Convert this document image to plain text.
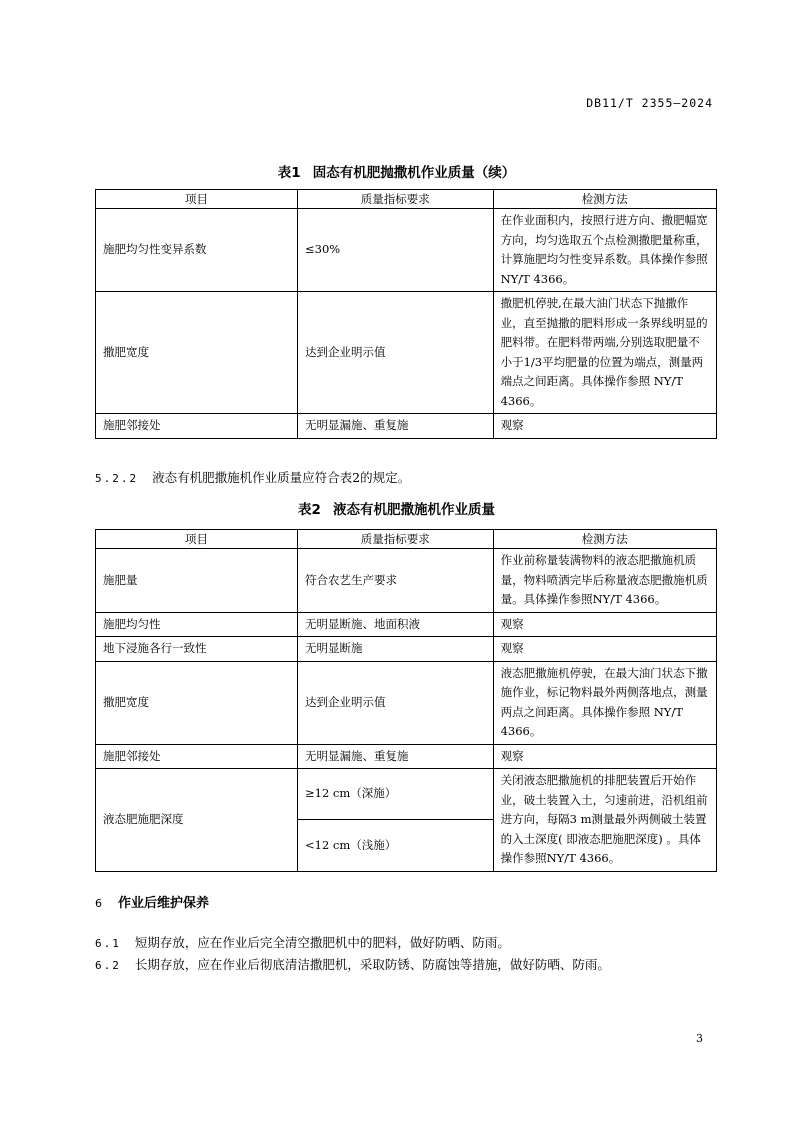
DB11/T 2355—2024
表1 固态有机肥抛撒机作业质量（续）
项目	质量指标要求	检测方法
施肥均匀性变异系数	≤30%	在作业面积内，按照行进方向、撒肥幅宽方向，均匀选取五个点检测撒肥量称重，计算施肥均匀性变异系数。具体操作参照 NY/T 4366。
撒肥宽度	达到企业明示值	撒肥机停驶,在最大油门状态下抛撒作业，直至抛撒的肥料形成一条界线明显的肥料带。在肥料带两端,分别选取肥量不小于1/3平均肥量的位置为端点，测量两端点之间距离。具体操作参照 NY/T 4366。
施肥邻接处	无明显漏施、重复施	观察
5.2.2 液态有机肥撒施机作业质量应符合表2的规定。
表2 液态有机肥撒施机作业质量
项目	质量指标要求	检测方法
施肥量	符合农艺生产要求	作业前称量装满物料的液态肥撒施机质量，物料喷洒完毕后称量液态肥撒施机质量。具体操作参照NY/T 4366。
施肥均匀性	无明显断施、地面积液	观察
地下浸施各行一致性	无明显断施	观察
撒肥宽度	达到企业明示值	液态肥撒施机停驶，在最大油门状态下撒施作业，标记物料最外两侧落地点，测量两点之间距离。具体操作参照 NY/T 4366。
施肥邻接处	无明显漏施、重复施	观察
液态肥施肥深度	≥12 cm（深施）	关闭液态肥撒施机的排肥装置后开始作业，破土装置入土，匀速前进，沿机组前进方向，每隔3 m测量最外两侧破土装置的入土深度( 即液态肥施肥深度) 。具体操作参照NY/T 4366。
	<12 cm（浅施）	
6 作业后维护保养
6.1 短期存放，应在作业后完全清空撒肥机中的肥料，做好防晒、防雨。
6.2 长期存放，应在作业后彻底清洁撒肥机，采取防锈、防腐蚀等措施，做好防晒、防雨。
3
